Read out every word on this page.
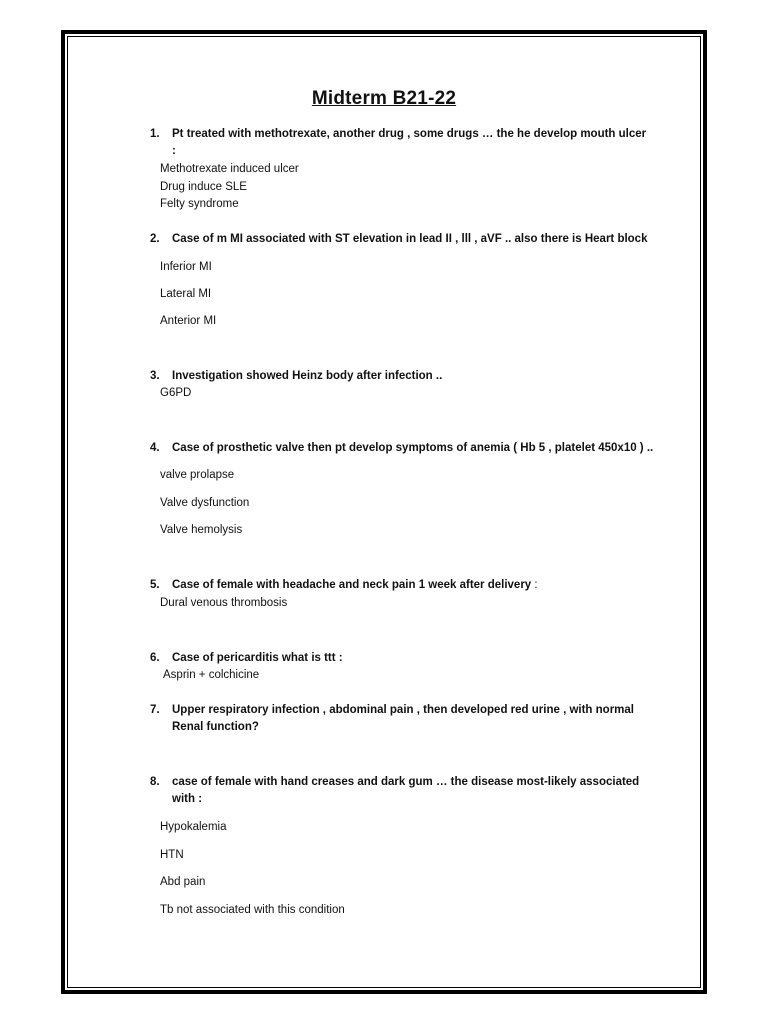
Midterm B21-22
1. Pt treated with methotrexate, another drug , some drugs … the he develop mouth ulcer
:
Methotrexate induced ulcer
Drug induce SLE
Felty syndrome
2. Case of m MI associated with ST elevation in lead II , lll , aVF .. also there is Heart block
Inferior MI
Lateral MI
Anterior MI
3. Investigation showed Heinz body after infection ..
G6PD
4. Case of prosthetic valve then pt develop symptoms of anemia ( Hb 5 , platelet 450x10 ) ..
valve prolapse
Valve dysfunction
Valve hemolysis
5. Case of female with headache and neck pain 1 week after delivery :
Dural venous thrombosis
6. Case of pericarditis what is ttt :
Asprin + colchicine
7. Upper respiratory infection , abdominal pain , then developed red urine , with normal
Renal function?
8. case of female with hand creases and dark gum … the disease most-likely associated
with :
Hypokalemia
HTN
Abd pain
Tb not associated with this condition
